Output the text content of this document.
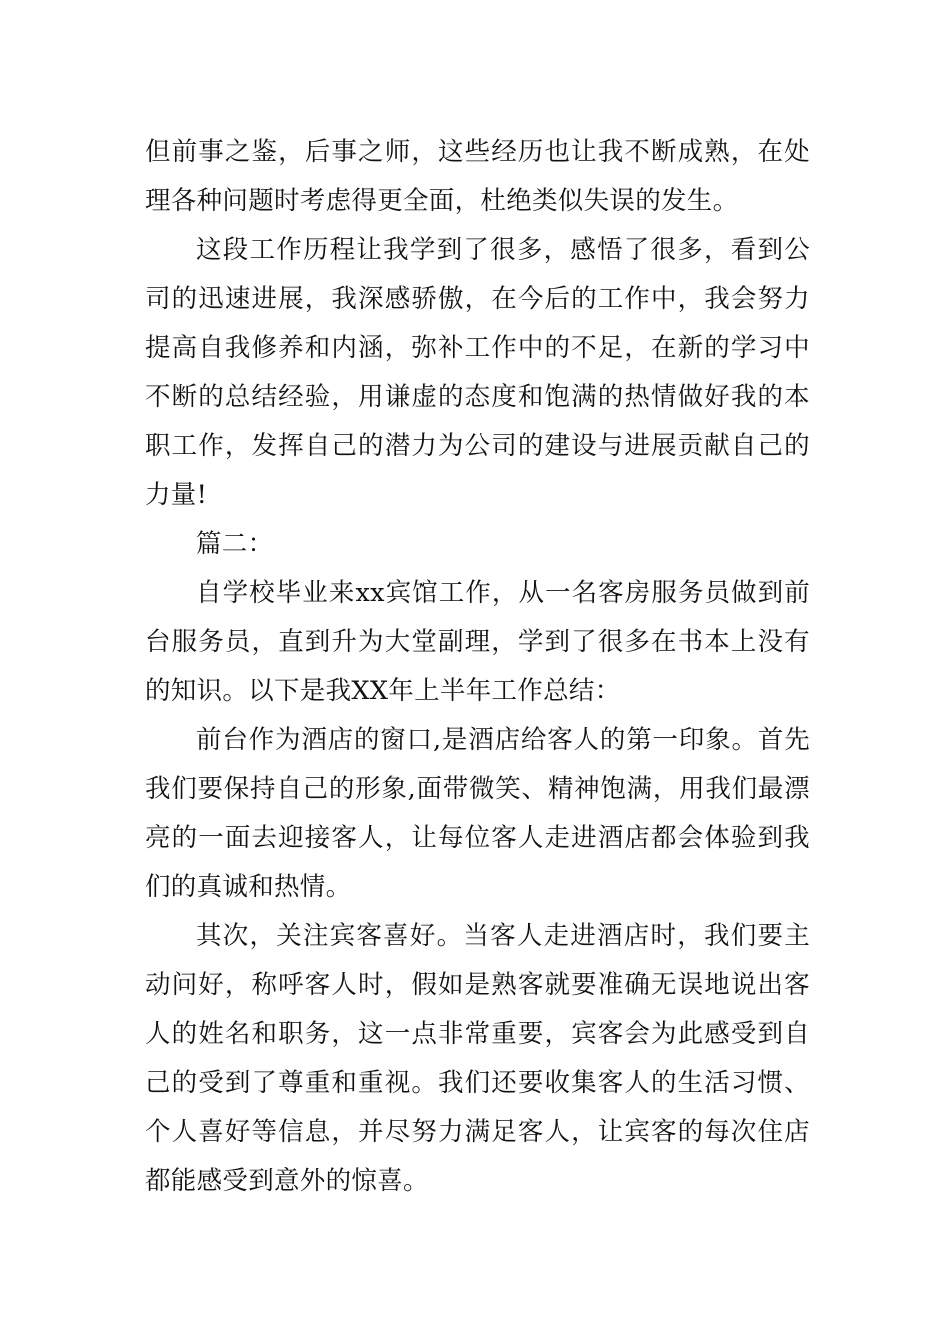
但前事之鉴，后事之师，这些经历也让我不断成熟，在处理各种问题时考虑得更全面，杜绝类似失误的发生。

这段工作历程让我学到了很多，感悟了很多，看到公司的迅速进展，我深感骄傲，在今后的工作中，我会努力提高自我修养和内涵，弥补工作中的不足，在新的学习中不断的总结经验，用谦虚的态度和饱满的热情做好我的本职工作，发挥自己的潜力为公司的建设与进展贡献自己的力量!

篇二：

自学校毕业来xx宾馆工作，从一名客房服务员做到前台服务员，直到升为大堂副理，学到了很多在书本上没有的知识。以下是我XX年上半年工作总结：

前台作为酒店的窗口,是酒店给客人的第一印象。首先我们要保持自己的形象,面带微笑、精神饱满，用我们最漂亮的一面去迎接客人，让每位客人走进酒店都会体验到我们的真诚和热情。

其次，关注宾客喜好。当客人走进酒店时，我们要主动问好，称呼客人时，假如是熟客就要准确无误地说出客人的姓名和职务，这一点非常重要，宾客会为此感受到自己的受到了尊重和重视。我们还要收集客人的生活习惯、个人喜好等信息，并尽努力满足客人，让宾客的每次住店都能感受到意外的惊喜。
